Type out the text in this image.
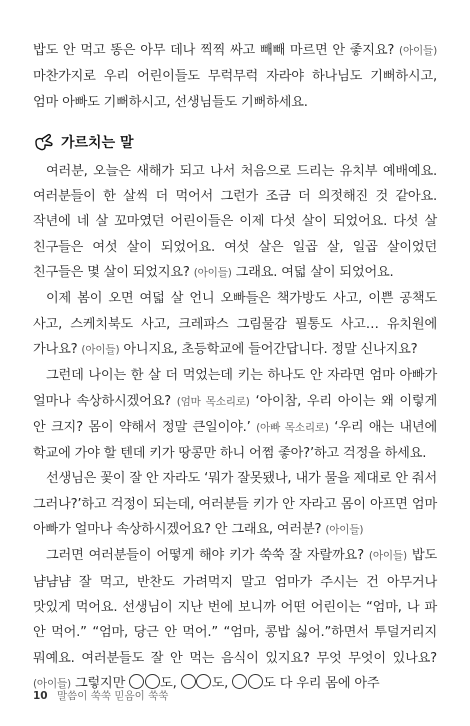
밥도 안 먹고 똥은 아무 데나 찍찍 싸고 빼빼 마르면 안 좋지요? (아이들) 마찬가지로 우리 어린이들도 무럭무럭 자라야 하나님도 기뻐하시고, 엄마 아빠도 기뻐하시고, 선생님들도 기뻐하세요.

가르치는 말

여러분, 오늘은 새해가 되고 나서 처음으로 드리는 유치부 예배예요. 여러분들이 한 살씩 더 먹어서 그런가 조금 더 의젓해진 것 같아요. 작년에 네 살 꼬마였던 어린이들은 이제 다섯 살이 되었어요. 다섯 살 친구들은 여섯 살이 되었어요. 여섯 살은 일곱 살, 일곱 살이었던 친구들은 몇 살이 되었지요? (아이들) 그래요. 여덟 살이 되었어요.

이제 봄이 오면 여덟 살 언니 오빠들은 책가방도 사고, 이쁜 공책도 사고, 스케치북도 사고, 크레파스 그림물감 필통도 사고… 유치원에 가나요? (아이들) 아니지요, 초등학교에 들어간답니다. 정말 신나지요?

그런데 나이는 한 살 더 먹었는데 키는 하나도 안 자라면 엄마 아빠가 얼마나 속상하시겠어요? (엄마 목소리로) ‘아이참, 우리 아이는 왜 이렇게 안 크지? 몸이 약해서 정말 큰일이야.’ (아빠 목소리로) ‘우리 애는 내년에 학교에 가야 할 텐데 키가 땅콩만 하니 어쩜 좋아?’하고 걱정을 하세요.

선생님은 꽃이 잘 안 자라도 ‘뭐가 잘못됐나, 내가 물을 제대로 안 줘서 그러나?’하고 걱정이 되는데, 여러분들 키가 안 자라고 몸이 아프면 엄마 아빠가 얼마나 속상하시겠어요? 안 그래요, 여러분? (아이들)

그러면 여러분들이 어떻게 해야 키가 쑥쑥 잘 자랄까요? (아이들) 밥도 냠냠냠 잘 먹고, 반찬도 가려먹지 말고 엄마가 주시는 건 아무거나 맛있게 먹어요. 선생님이 지난 번에 보니까 어떤 어린이는 “엄마, 나 파 안 먹어.” “엄마, 당근 안 먹어.” “엄마, 콩밥 싫어.”하면서 투덜거리지 뭐예요. 여러분들도 잘 안 먹는 음식이 있지요? 무엇 무엇이 있나요? (아이들) 그렇지만 도, 도, 도 다 우리 몸에 아주

10 말씀이 쑥쑥 믿음이 쑥쑥
